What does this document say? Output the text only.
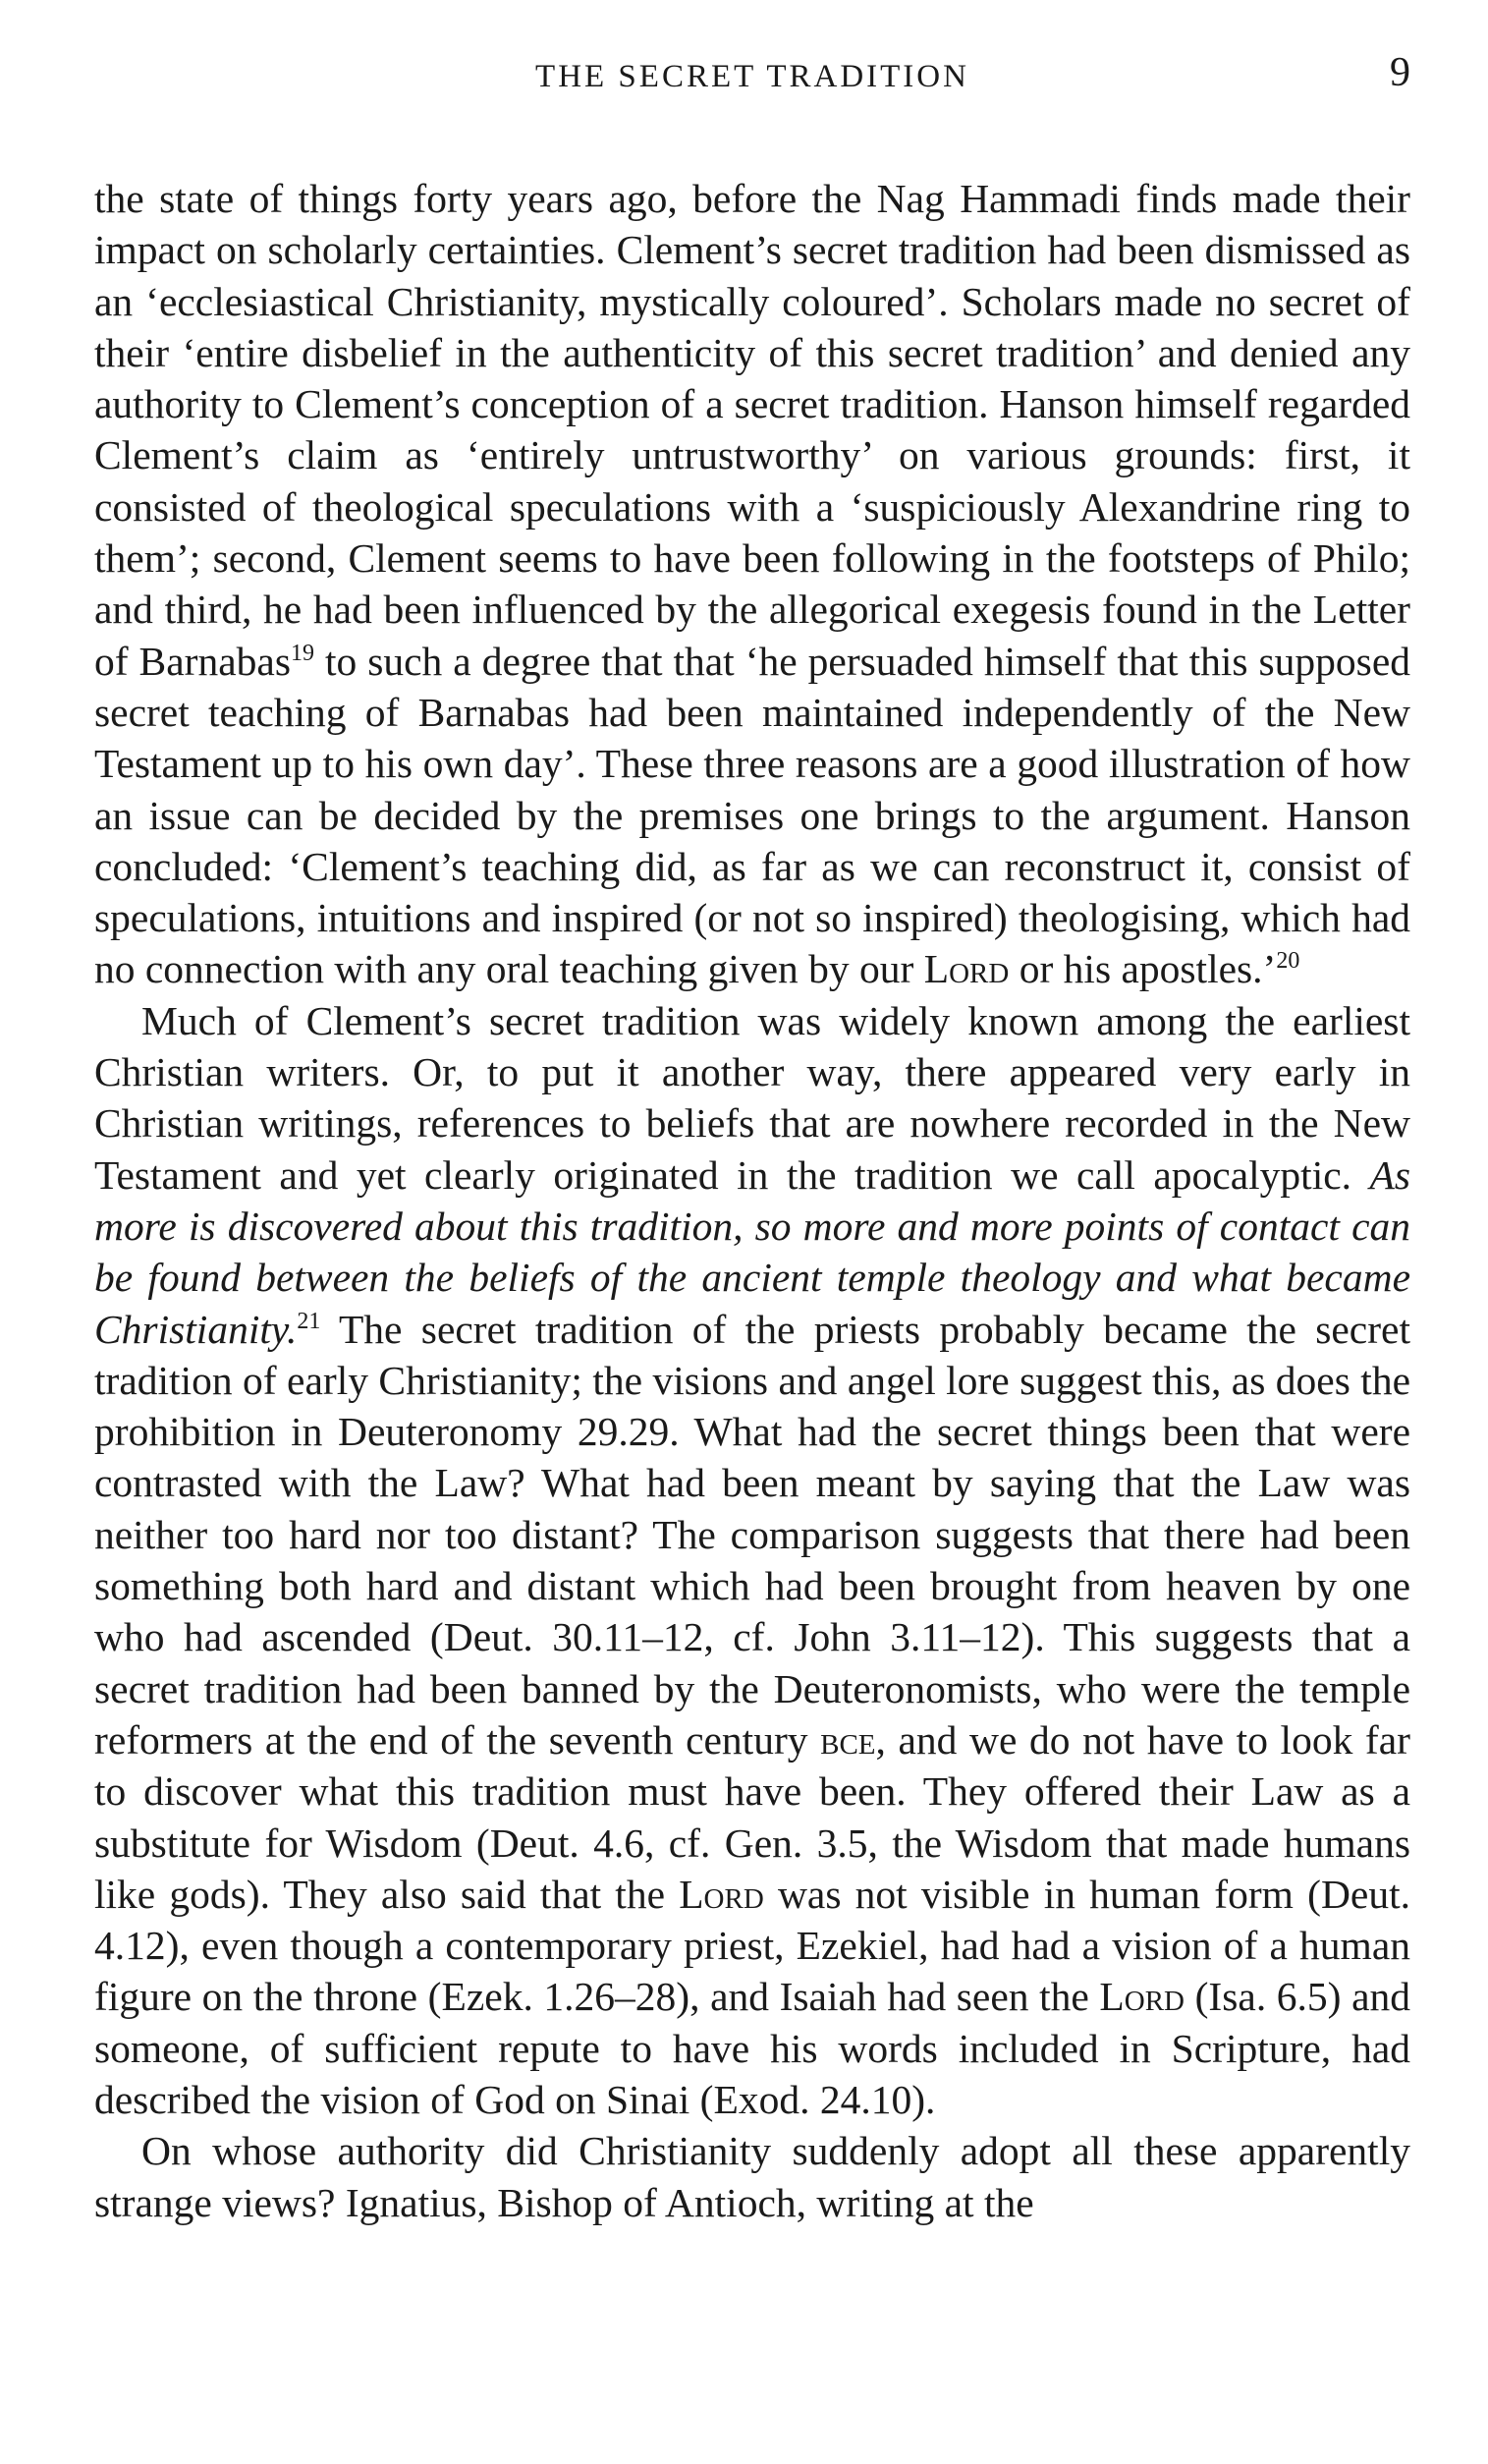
THE SECRET TRADITION	9

the state of things forty years ago, before the Nag Hammadi finds made their impact on scholarly certainties. Clement’s secret tradition had been dismissed as an ‘ecclesiastical Christianity, mystically coloured’. Scholars made no secret of their ‘entire disbelief in the authenticity of this secret tradition’ and denied any authority to Clement’s conception of a secret tradition. Hanson himself regarded Clement’s claim as ‘entirely untrustworthy’ on various grounds: first, it consisted of theological speculations with a ‘suspiciously Alexandrine ring to them’; second, Clement seems to have been following in the footsteps of Philo; and third, he had been influenced by the allegorical exegesis found in the Letter of Barnabas$^{19}$ to such a degree that that ‘he persuaded himself that this supposed secret teaching of Barnabas had been maintained independently of the New Testament up to his own day’. These three reasons are a good illustration of how an issue can be decided by the premises one brings to the argument. Hanson concluded: ‘Clement’s teaching did, as far as we can reconstruct it, consist of speculations, intuitions and inspired (or not so inspired) theologising, which had no connection with any oral teaching given by our Lord or his apostles.’$^{20}$

Much of Clement’s secret tradition was widely known among the earliest Christian writers. Or, to put it another way, there appeared very early in Christian writings, references to beliefs that are nowhere recorded in the New Testament and yet clearly originated in the tradition we call apocalyptic. As more is discovered about this tradition, so more and more points of contact can be found between the beliefs of the ancient temple theology and what became Christianity.$^{21}$ The secret tradition of the priests probably became the secret tradition of early Christianity; the visions and angel lore suggest this, as does the prohibition in Deuteronomy 29.29. What had the secret things been that were contrasted with the Law? What had been meant by saying that the Law was neither too hard nor too distant? The comparison suggests that there had been something both hard and distant which had been brought from heaven by one who had ascended (Deut. 30.11–12, cf. John 3.11–12). This suggests that a secret tradition had been banned by the Deuteronomists, who were the temple reformers at the end of the seventh century bce, and we do not have to look far to discover what this tradition must have been. They offered their Law as a substitute for Wisdom (Deut. 4.6, cf. Gen. 3.5, the Wisdom that made humans like gods). They also said that the Lord was not visible in human form (Deut. 4.12), even though a contemporary priest, Ezekiel, had had a vision of a human figure on the throne (Ezek. 1.26–28), and Isaiah had seen the Lord (Isa. 6.5) and someone, of sufficient repute to have his words included in Scripture, had described the vision of God on Sinai (Exod. 24.10).

On whose authority did Christianity suddenly adopt all these apparently strange views? Ignatius, Bishop of Antioch, writing at the
